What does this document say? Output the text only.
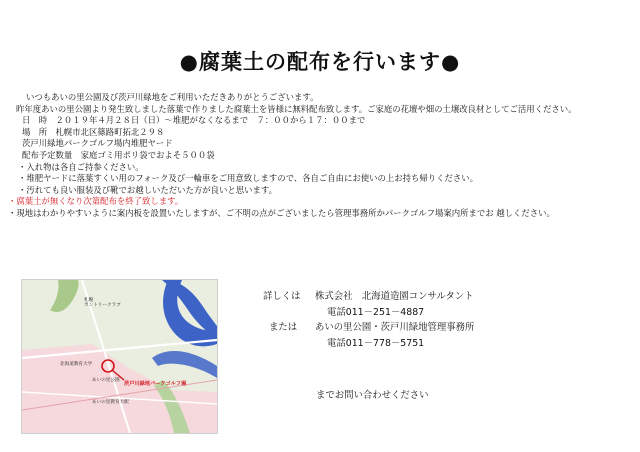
●腐葉土の配布を行います●
いつもあいの里公園及び茨戸川緑地をご利用いただきありがとうございます。
昨年度あいの里公園より発生致しました落葉で作りました腐葉土を皆様に無料配布致します。ご家庭の花壇や畑の土壌改良材としてご活用ください。
日　時　２０１９年４月２８日（日）～堆肥がなくなるまで　７：００から１７：００まで
場　所　札幌市北区篠路町拓北２９８
茨戸川緑地パークゴルフ場内堆肥ヤード
配布予定数量　家庭ゴミ用ポリ袋でおよそ５００袋
・入れ物は各自ご持参ください。
・堆肥ヤードに落葉すくい用のフォーク及び一輪車をご用意致しますので、各自ご自由にお使いの上お持ち帰りください。
・汚れても良い服装及び靴でお越しいただいた方が良いと思います。
・腐葉土が無くなり次第配布を終了致します。
・現地はわかりやすいように案内板を設置いたしますが、ご不明の点がございましたら管理事務所かパークゴルフ場案内所までお 越しください。
札幌
カントリークラブ
あいの里公園
茨戸川緑地パークゴルフ場
北海道教育大学
あいの里教育大駅
詳しくは 株式会社　北海道造園コンサルタント
電話011－251－4887
または あいの里公園・茨戸川緑地管理事務所
電話011－778－5751
までお問い合わせください
